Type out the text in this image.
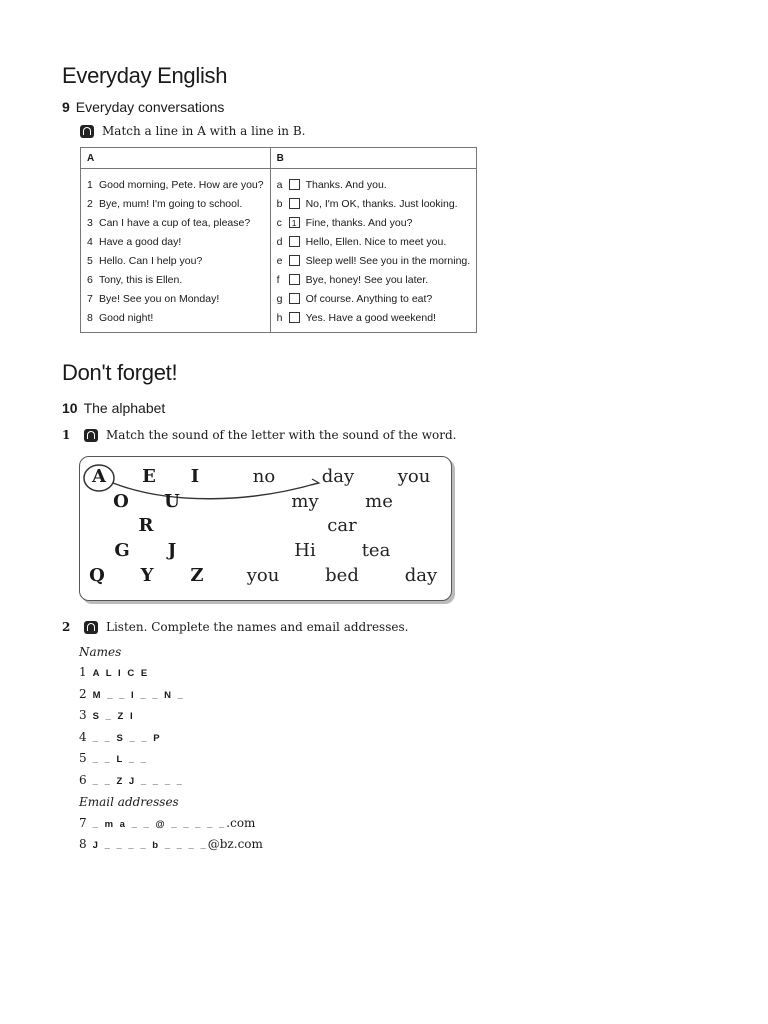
Everyday English
9 Everyday conversations
Match a line in A with a line in B.
A	B
1 Good morning, Pete. How are you?	a Thanks. And you.

2 Bye, mum! I'm going to school.	b No, I'm OK, thanks. Just looking.

3 Can I have a cup of tea, please?	c 1 Fine, thanks. And you?

4 Have a good day!	d Hello, Ellen. Nice to meet you.

5 Hello. Can I help you?	e Sleep well! See you in the morning.

6 Tony, this is Ellen.	f Bye, honey! See you later.

7 Bye! See you on Monday!	g Of course. Anything to eat?

8 Good night!	h Yes. Have a good weekend!
Don't forget!
10 The alphabet
1	Match the sound of the letter with the sound of the word.
A E I	no	day you
O U	my	me
R	car
G J	Hi	tea
Q Y Z you	bed	day
2	Listen. Complete the names and email addresses.
Names
1 A L I C E
2 M _ _ I _ _ N _
3 S _ Z I
4 _ _ S _ _ P
5 _ _ L _ _
6 _ _ Z J _ _ _ _
Email addresses
7 _ m a _ _ @ _ _ _ _ _.com
8 J _ _ _ _ b _ _ _ _@bz.com
